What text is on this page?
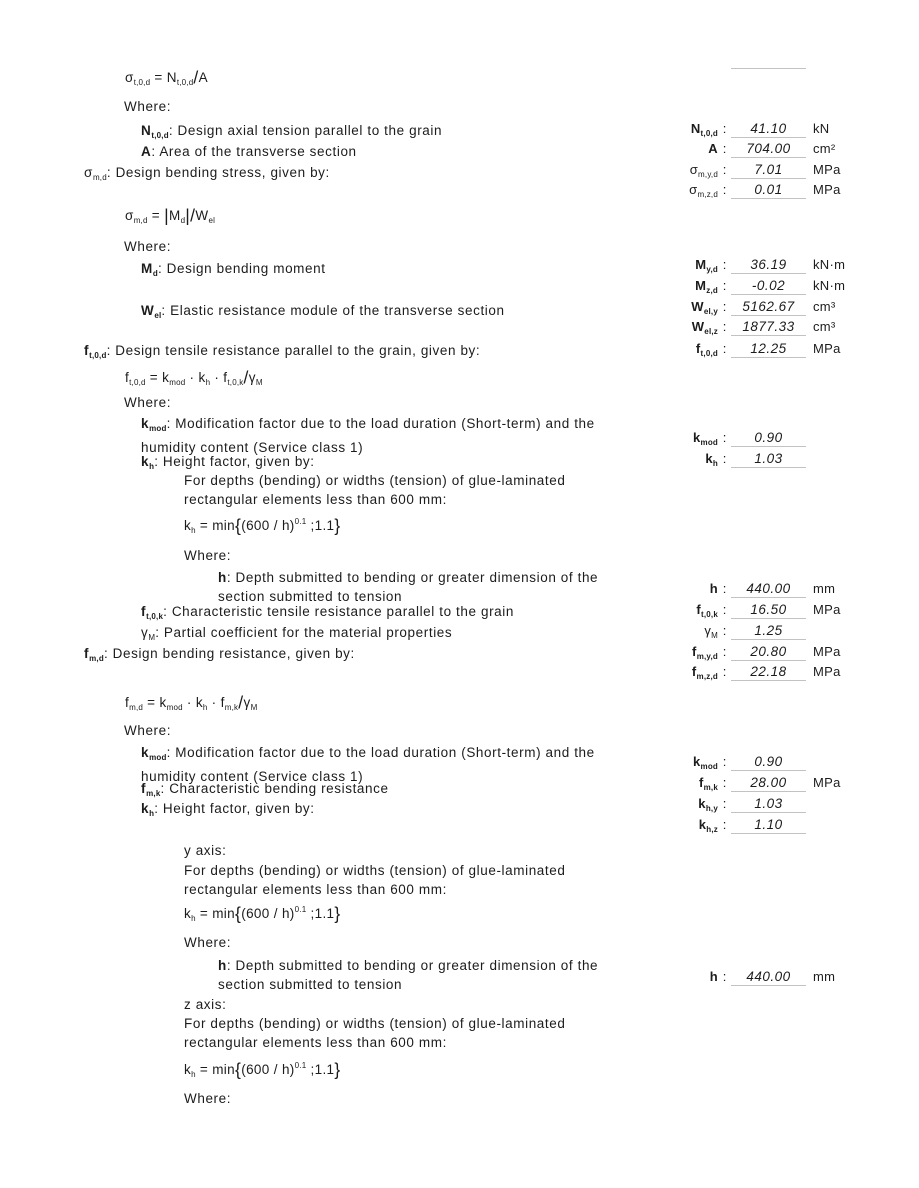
$\sigma_{t,0,d} = N_{t,0,d}/A$
Where:
$N_{t,0,d}$: Design axial tension parallel to the grain
A: Area of the transverse section
$\sigma_{m,d}$: Design bending stress, given by:
$\sigma_{m,d} = |M_d|/W_{el}$
Where:
$M_d$: Design bending moment
$W_{el}$: Elastic resistance module of the transverse section
$f_{t,0,d}$: Design tensile resistance parallel to the grain, given by:
$f_{t,0,d} = k_{mod} \cdot k_h \cdot f_{t,0,k}/\gamma_M$
Where:
$k_{mod}$: Modification factor due to the load duration (Short-term) and the
humidity content (Service class 1)
$k_h$: Height factor, given by:
For depths (bending) or widths (tension) of glue-laminated
rectangular elements less than 600 mm:
$k_h = \min\{(600 / h)^{0.1}$ ;1.1}
Where:
h: Depth submitted to bending or greater dimension of the
section submitted to tension
$f_{t,0,k}$: Characteristic tensile resistance parallel to the grain
$\gamma_M$: Partial coefficient for the material properties
$f_{m,d}$: Design bending resistance, given by:
$f_{m,d} = k_{mod} \cdot k_h \cdot f_{m,k}/\gamma_M$
Where:
$k_{mod}$: Modification factor due to the load duration (Short-term) and the
humidity content (Service class 1)
$f_{m,k}$: Characteristic bending resistance
$k_h$: Height factor, given by:
y axis:
For depths (bending) or widths (tension) of glue-laminated
rectangular elements less than 600 mm:
$k_h = \min\{(600 / h)^{0.1}$ ;1.1}
Where:
h: Depth submitted to bending or greater dimension of the
section submitted to tension
z axis:
For depths (bending) or widths (tension) of glue-laminated
rectangular elements less than 600 mm:
$k_h = \min\{(600 / h)^{0.1}$ ;1.1}
Where:
$N_{t,0,d}$ :	41.10 kN
A :	704.00 cm²
$\sigma_{m,y,d}$ :	7.01 MPa
$\sigma_{m,z,d}$ :	0.01 MPa
$M_{y,d}$ :	36.19 kN·m
$M_{z,d}$ :	-0.02 kN·m
$W_{el,y}$ :	5162.67 cm³
$W_{el,z}$ :	1877.33 cm³
$f_{t,0,d}$ :	12.25 MPa
$k_{mod}$ :	0.90
$k_h$ :	1.03
h :	440.00 mm
$f_{t,0,k}$ :	16.50 MPa
$\gamma_M$ :	1.25
$f_{m,y,d}$ :	20.80 MPa
$f_{m,z,d}$ :	22.18 MPa
$k_{mod}$ :	0.90
$f_{m,k}$ :	28.00 MPa
$k_{h,y}$ :	1.03
$k_{h,z}$ :	1.10
h :	440.00 mm
